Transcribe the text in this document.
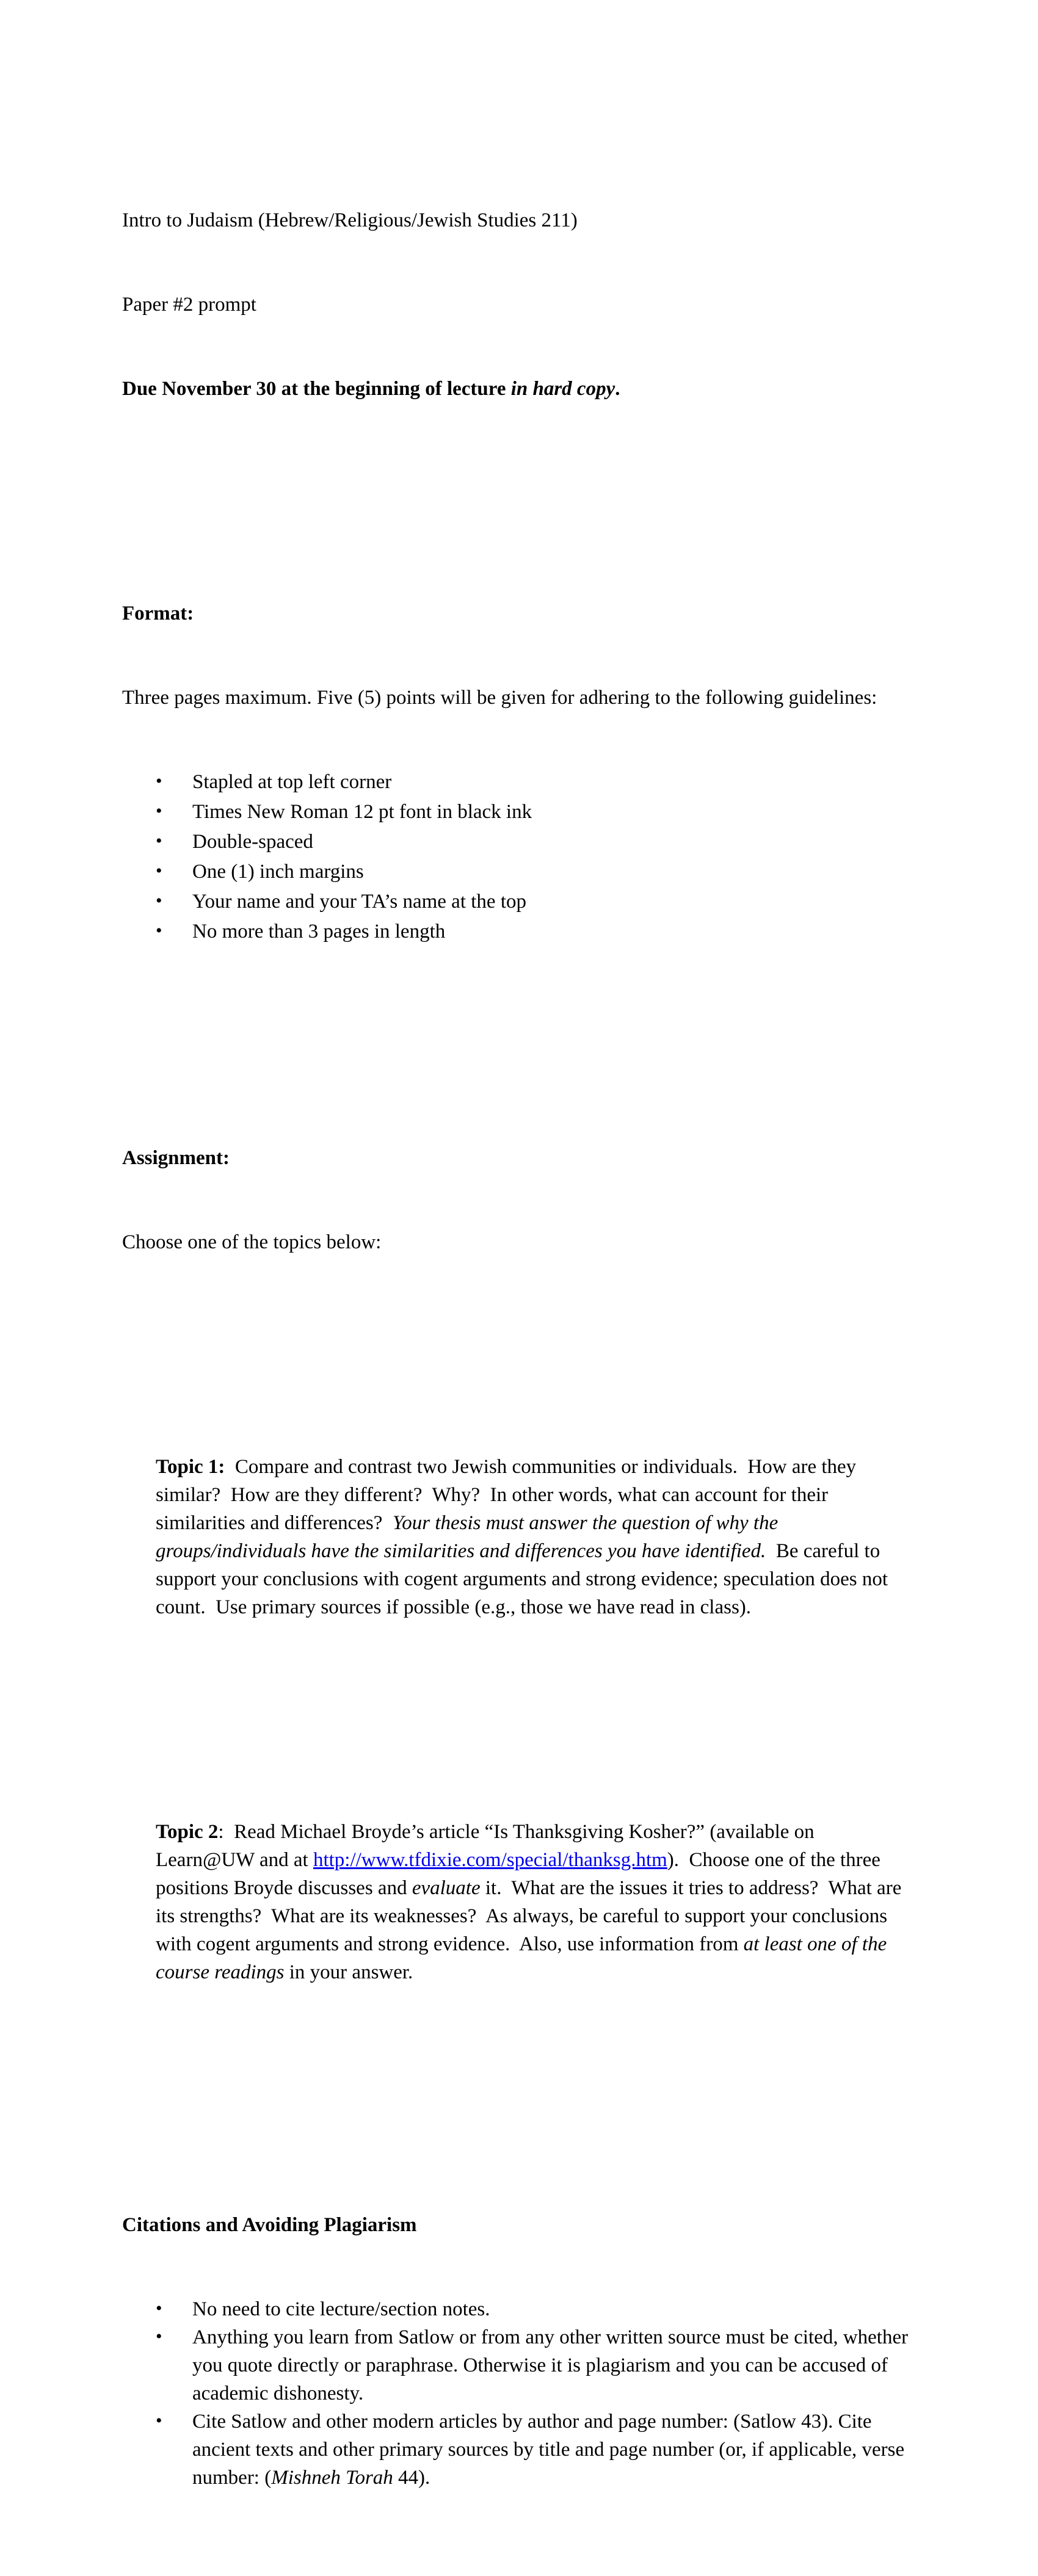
Intro to Judaism (Hebrew/Religious/Jewish Studies 211)

Paper #2 prompt

Due November 30 at the beginning of lecture in hard copy.

Format:

Three pages maximum. Five (5) points will be given for adhering to the following guidelines:

• Stapled at top left corner
• Times New Roman 12 pt font in black ink
• Double-spaced
• One (1) inch margins
• Your name and your TA’s name at the top
• No more than 3 pages in length

Assignment:

Choose one of the topics below:

Topic 1:  Compare and contrast two Jewish communities or individuals.  How are they similar?  How are they different?  Why?  In other words, what can account for their similarities and differences?  Your thesis must answer the question of why the groups/individuals have the similarities and differences you have identified.  Be careful to support your conclusions with cogent arguments and strong evidence; speculation does not count.  Use primary sources if possible (e.g., those we have read in class).

Topic 2:  Read Michael Broyde’s article “Is Thanksgiving Kosher?” (available on Learn@UW and at http://www.tfdixie.com/special/thanksg.htm).  Choose one of the three positions Broyde discusses and evaluate it.  What are the issues it tries to address?  What are its strengths?  What are its weaknesses?  As always, be careful to support your conclusions with cogent arguments and strong evidence.  Also, use information from at least one of the course readings in your answer.

Citations and Avoiding Plagiarism

• No need to cite lecture/section notes.
• Anything you learn from Satlow or from any other written source must be cited, whether you quote directly or paraphrase. Otherwise it is plagiarism and you can be accused of academic dishonesty.
• Cite Satlow and other modern articles by author and page number: (Satlow 43). Cite ancient texts and other primary sources by title and page number (or, if applicable, verse number: (Mishneh Torah 44).
